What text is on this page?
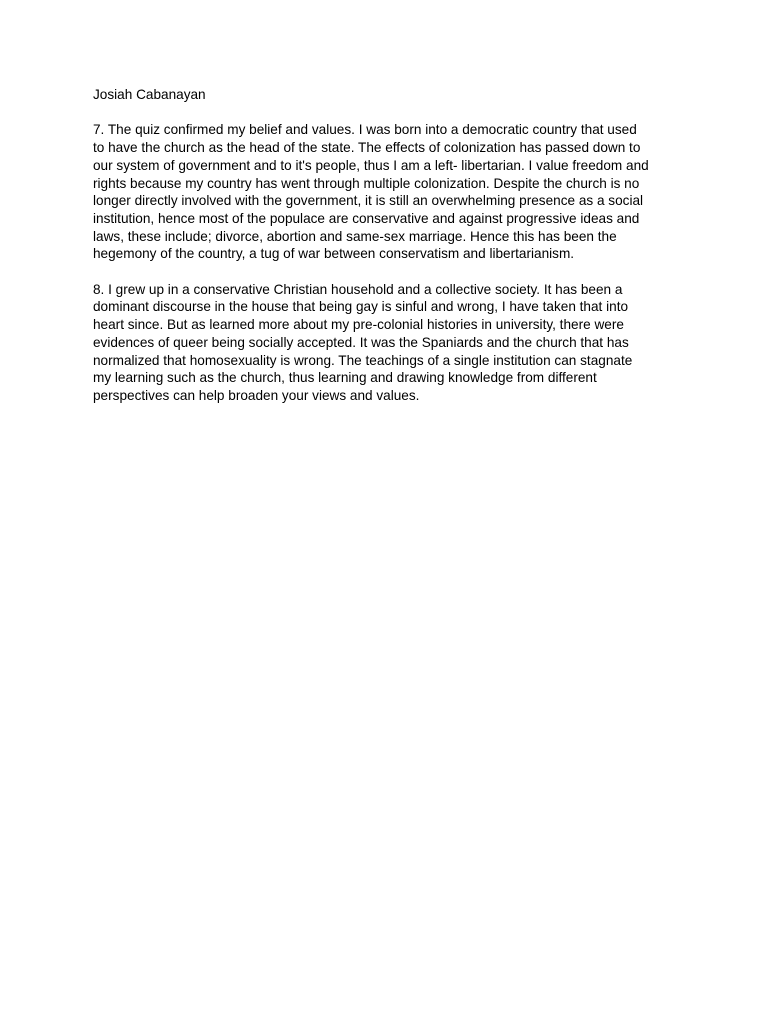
Josiah Cabanayan

7. The quiz confirmed my belief and values. I was born into a democratic country that used
to have the church as the head of the state. The effects of colonization has passed down to
our system of government and to it's people, thus I am a left- libertarian. I value freedom and
rights because my country has went through multiple colonization. Despite the church is no
longer directly involved with the government, it is still an overwhelming presence as a social
institution, hence most of the populace are conservative and against progressive ideas and
laws, these include; divorce, abortion and same-sex marriage. Hence this has been the
hegemony of the country, a tug of war between conservatism and libertarianism.

8. I grew up in a conservative Christian household and a collective society. It has been a
dominant discourse in the house that being gay is sinful and wrong, I have taken that into
heart since. But as learned more about my pre-colonial histories in university, there were
evidences of queer being socially accepted. It was the Spaniards and the church that has
normalized that homosexuality is wrong. The teachings of a single institution can stagnate
my learning such as the church, thus learning and drawing knowledge from different
perspectives can help broaden your views and values.
